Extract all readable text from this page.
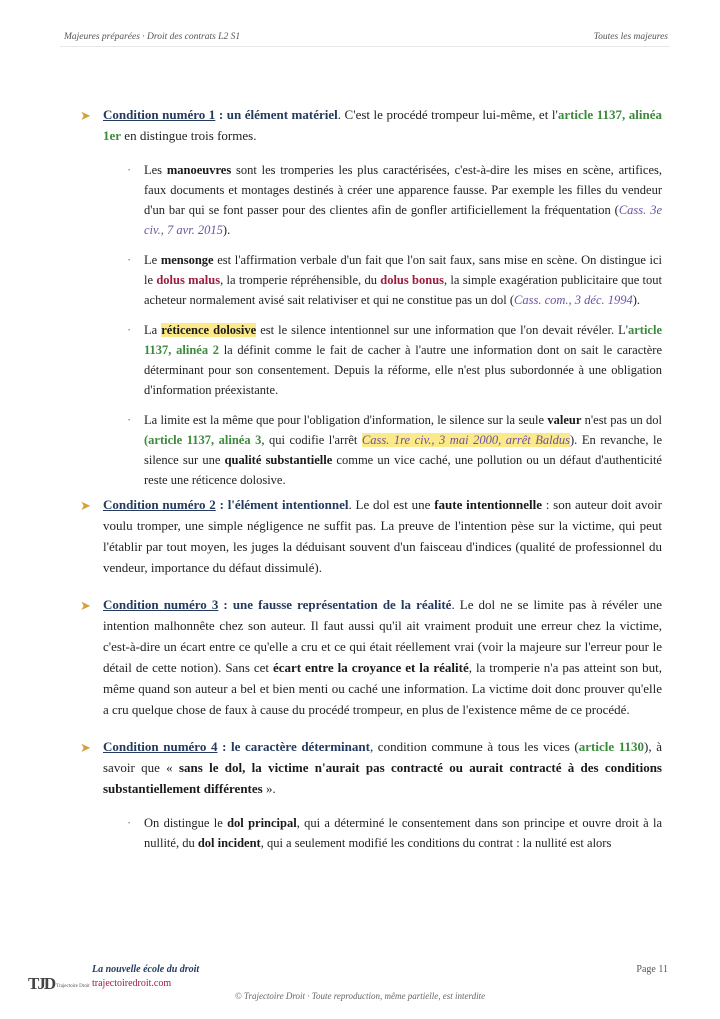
Majeures préparées · Droit des contrats L2 S1	Toutes les majeures
➤ Condition numéro 1 : un élément matériel. C'est le procédé trompeur lui-même, et l'article 1137, alinéa 1er en distingue trois formes.
· Les manoeuvres sont les tromperies les plus caractérisées, c'est-à-dire les mises en scène, artifices, faux documents et montages destinés à créer une apparence fausse. Par exemple les filles du vendeur d'un bar qui se font passer pour des clientes afin de gonfler artificiellement la fréquentation (Cass. 3e civ., 7 avr. 2015).
· Le mensonge est l'affirmation verbale d'un fait que l'on sait faux, sans mise en scène. On distingue ici le dolus malus, la tromperie répréhensible, du dolus bonus, la simple exagération publicitaire que tout acheteur normalement avisé sait relativiser et qui ne constitue pas un dol (Cass. com., 3 déc. 1994).
· La réticence dolosive est le silence intentionnel sur une information que l'on devait révéler. L'article 1137, alinéa 2 la définit comme le fait de cacher à l'autre une information dont on sait le caractère déterminant pour son consentement. Depuis la réforme, elle n'est plus subordonnée à une obligation d'information préexistante.
· La limite est la même que pour l'obligation d'information, le silence sur la seule valeur n'est pas un dol (article 1137, alinéa 3, qui codifie l'arrêt Cass. 1re civ., 3 mai 2000, arrêt Baldus). En revanche, le silence sur une qualité substantielle comme un vice caché, une pollution ou un défaut d'authenticité reste une réticence dolosive.
➤ Condition numéro 2 : l'élément intentionnel. Le dol est une faute intentionnelle : son auteur doit avoir voulu tromper, une simple négligence ne suffit pas. La preuve de l'intention pèse sur la victime, qui peut l'établir par tout moyen, les juges la déduisant souvent d'un faisceau d'indices (qualité de professionnel du vendeur, importance du défaut dissimulé).
➤ Condition numéro 3 : une fausse représentation de la réalité. Le dol ne se limite pas à révéler une intention malhonnête chez son auteur. Il faut aussi qu'il ait vraiment produit une erreur chez la victime, c'est-à-dire un écart entre ce qu'elle a cru et ce qui était réellement vrai (voir la majeure sur l'erreur pour le détail de cette notion). Sans cet écart entre la croyance et la réalité, la tromperie n'a pas atteint son but, même quand son auteur a bel et bien menti ou caché une information. La victime doit donc prouver qu'elle a cru quelque chose de faux à cause du procédé trompeur, en plus de l'existence même de ce procédé.
➤ Condition numéro 4 : le caractère déterminant, condition commune à tous les vices (article 1130), à savoir que « sans le dol, la victime n'aurait pas contracté ou aurait contracté à des conditions substantiellement différentes ».
· On distingue le dol principal, qui a déterminé le consentement dans son principe et ouvre droit à la nullité, du dol incident, qui a seulement modifié les conditions du contrat : la nullité est alors
TJD Trajectoire Droit
La nouvelle école du droit
trajectoiredroit.com
Page 11
© Trajectoire Droit · Toute reproduction, même partielle, est interdite
